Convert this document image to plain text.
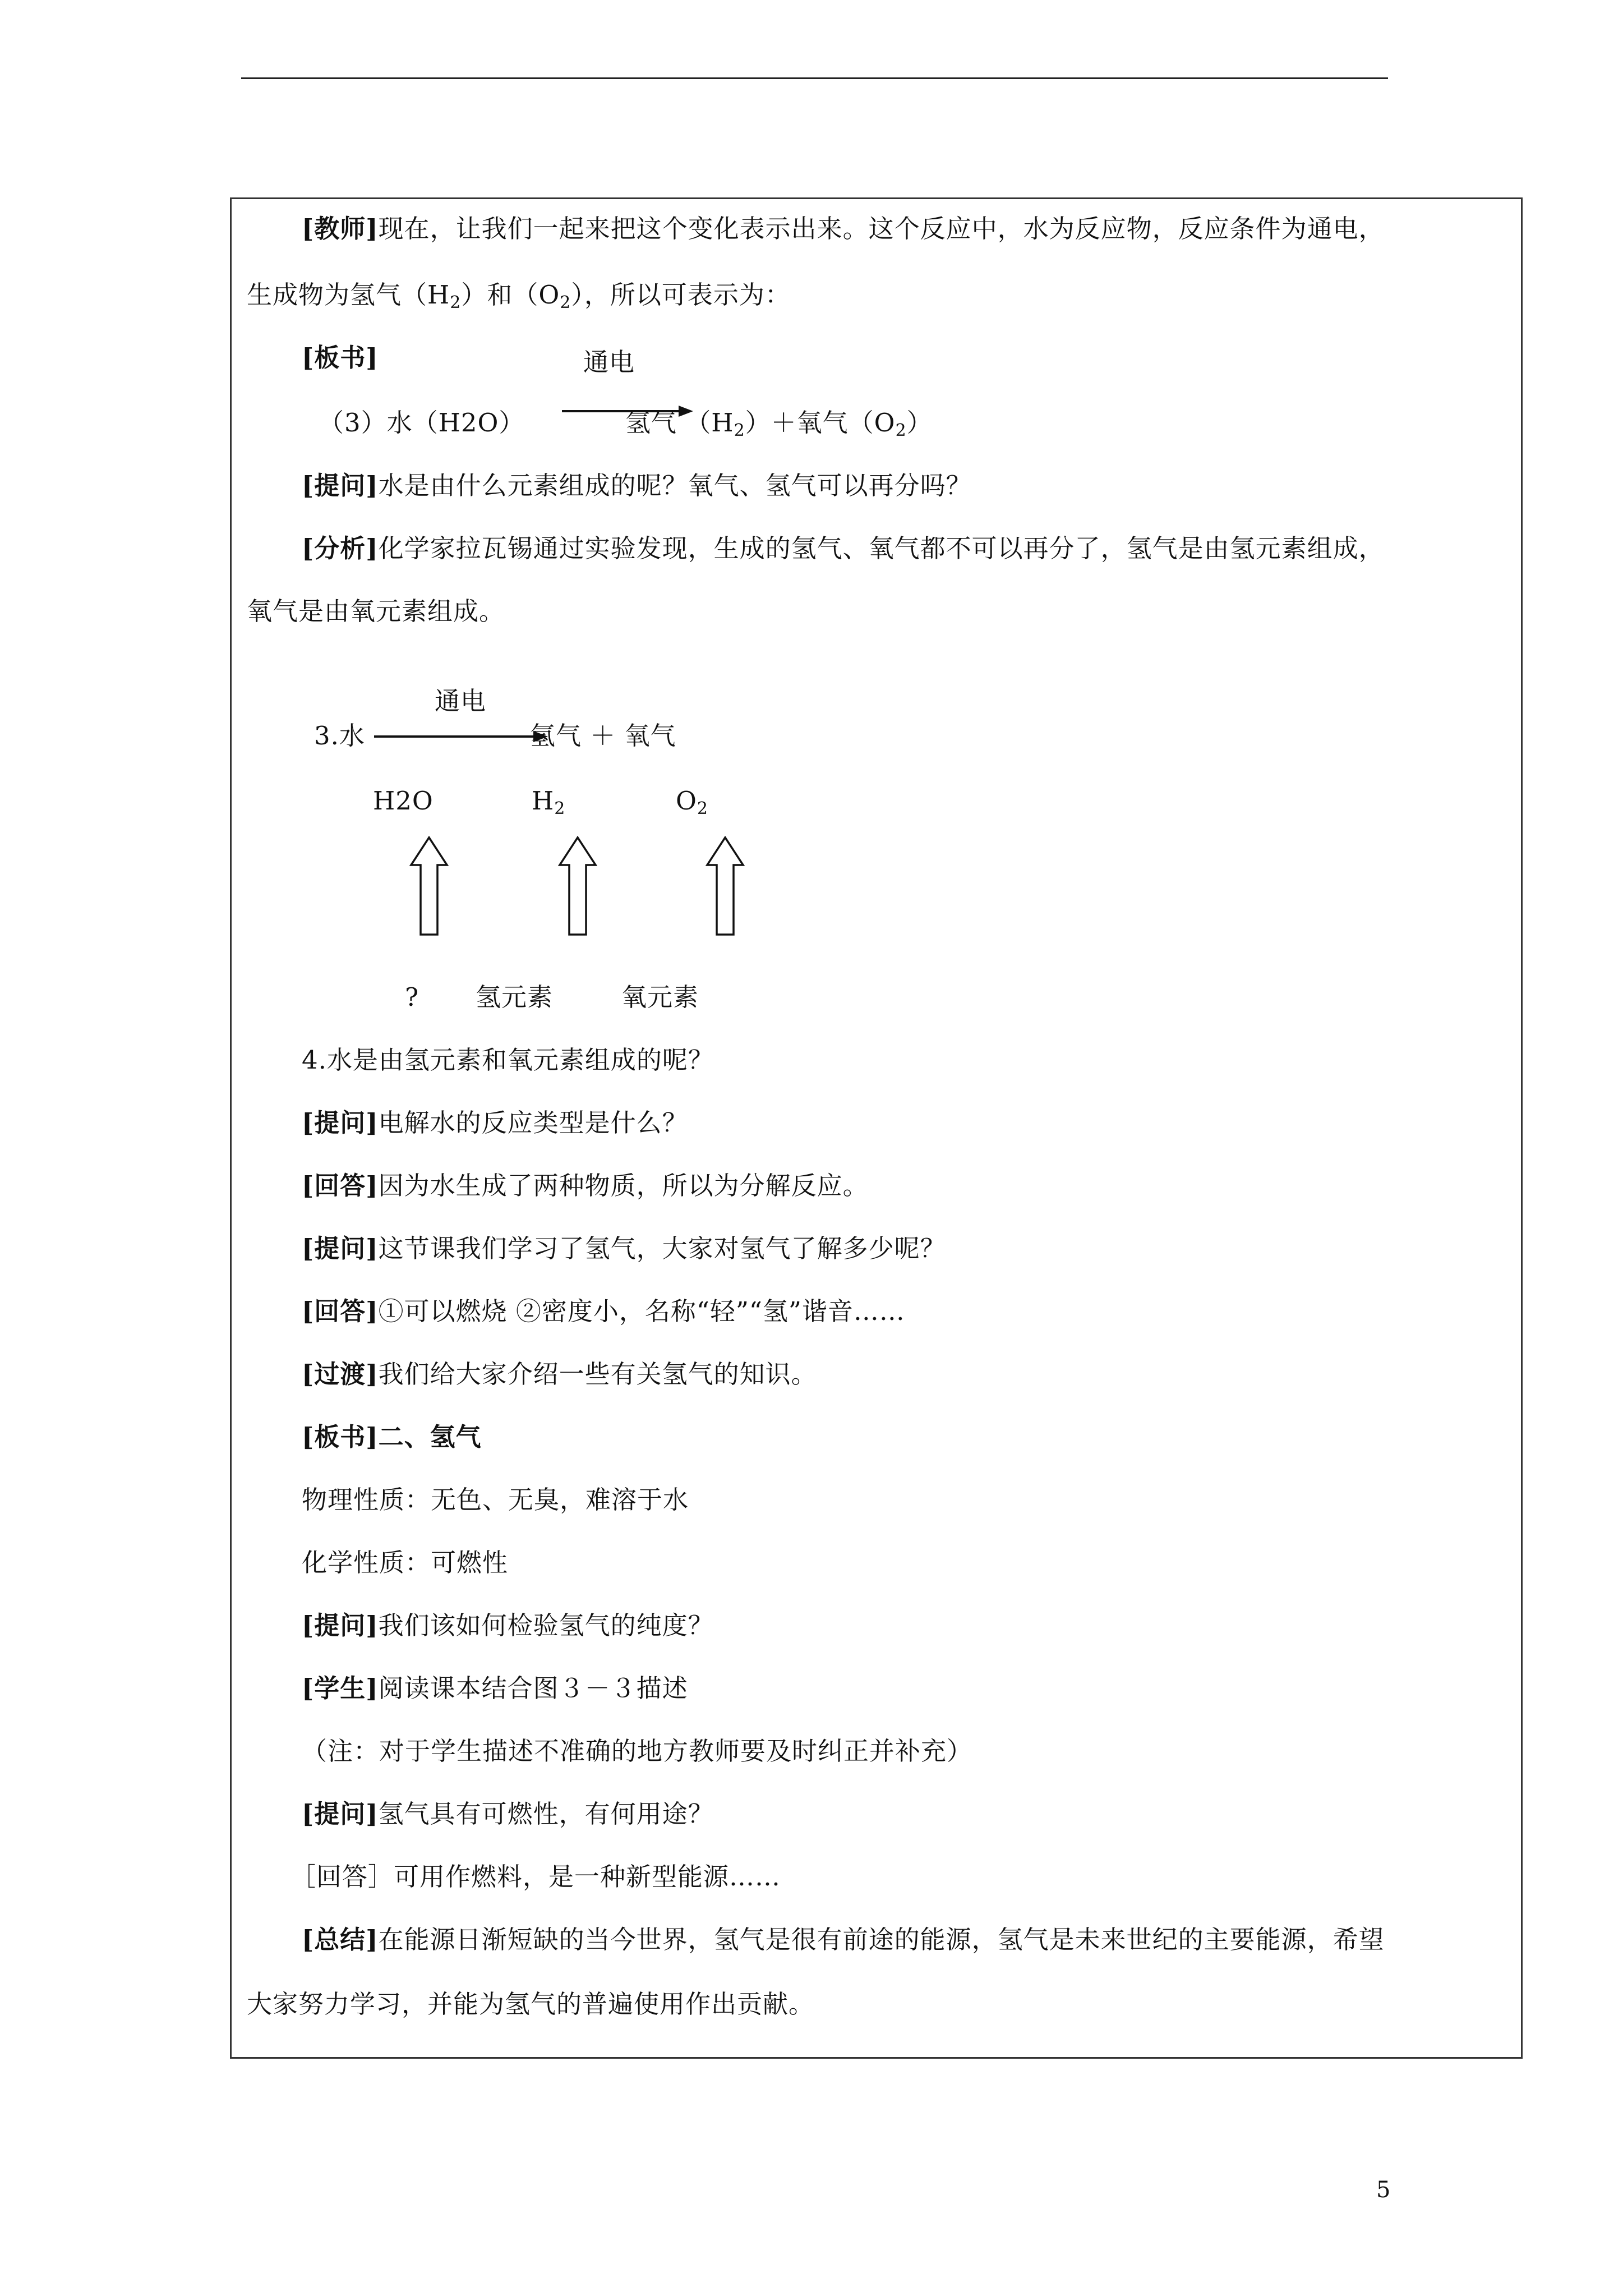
[教师]现在，让我们一起来把这个变化表示出来。这个反应中，水为反应物，反应条件为通电，
生成物为氢气$(H_2)$和$(O_2)$，所以可表示为：
[板书]	通电
（3）水（H2O）	氢气 $(H_2)+$氧气$(O_2)$
[提问]水是由什么元素组成的呢？氧气、氢气可以再分吗？
[分析]化学家拉瓦锡通过实验发现，生成的氢气、氧气都不可以再分了，氢气是由氢元素组成，
氧气是由氧元素组成。
通电
3.水	氢气 ＋ 氧气
H2O	$H_2$	$O_2$
? 氢元素	氧元素
4.水是由氢元素和氧元素组成的呢？
[提问]电解水的反应类型是什么？
[回答]因为水生成了两种物质，所以为分解反应。
[提问]这节课我们学习了氢气，大家对氢气了解多少呢？
[回答]①可以燃烧 ②密度小，名称“轻”“氢”谐音……
[过渡]我们给大家介绍一些有关氢气的知识。
[板书]二、氢气
物理性质：无色、无臭，难溶于水
化学性质：可燃性
[提问]我们该如何检验氢气的纯度？
[学生]阅读课本结合图３－３描述
（注：对于学生描述不准确的地方教师要及时纠正并补充）
[提问]氢气具有可燃性，有何用途？
［回答］可用作燃料，是一种新型能源……
[总结]在能源日渐短缺的当今世界，氢气是很有前途的能源，氢气是未来世纪的主要能源，希望
大家努力学习，并能为氢气的普遍使用作出贡献。
5
